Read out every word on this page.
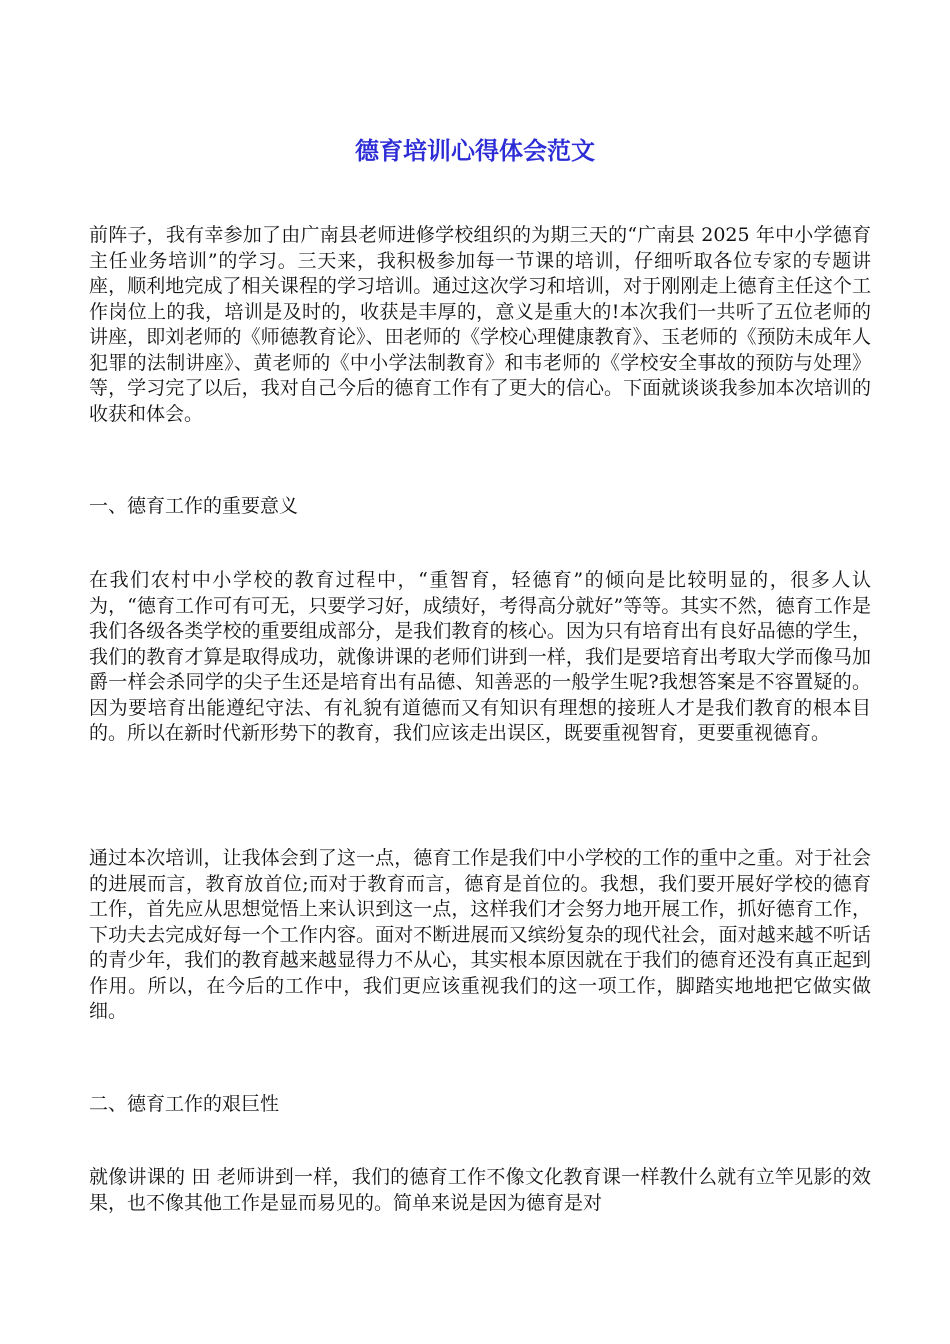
德育培训心得体会范文

前阵子，我有幸参加了由广南县老师进修学校组织的为期三天的“广南县 2025 年中小学德育主任业务培训”的学习。三天来，我积极参加每一节课的培训，仔细听取各位专家的专题讲座，顺利地完成了相关课程的学习培训。通过这次学习和培训，对于刚刚走上德育主任这个工作岗位上的我，培训是及时的，收获是丰厚的，意义是重大的!本次我们一共听了五位老师的讲座，即刘老师的《师德教育论》、田老师的《学校心理健康教育》、玉老师的《预防未成年人犯罪的法制讲座》、黄老师的《中小学法制教育》和韦老师的《学校安全事故的预防与处理》等，学习完了以后，我对自己今后的德育工作有了更大的信心。下面就谈谈我参加本次培训的收获和体会。

一、德育工作的重要意义

在我们农村中小学校的教育过程中，“重智育，轻德育”的倾向是比较明显的，很多人认为，“德育工作可有可无，只要学习好，成绩好，考得高分就好”等等。其实不然，德育工作是我们各级各类学校的重要组成部分，是我们教育的核心。因为只有培育出有良好品德的学生，我们的教育才算是取得成功，就像讲课的老师们讲到一样，我们是要培育出考取大学而像马加爵一样会杀同学的尖子生还是培育出有品德、知善恶的一般学生呢?我想答案是不容置疑的。因为要培育出能遵纪守法、有礼貌有道德而又有知识有理想的接班人才是我们教育的根本目的。所以在新时代新形势下的教育，我们应该走出误区，既要重视智育，更要重视德育。

通过本次培训，让我体会到了这一点，德育工作是我们中小学校的工作的重中之重。对于社会的进展而言，教育放首位;而对于教育而言，德育是首位的。我想，我们要开展好学校的德育工作，首先应从思想觉悟上来认识到这一点，这样我们才会努力地开展工作，抓好德育工作，下功夫去完成好每一个工作内容。面对不断进展而又缤纷复杂的现代社会，面对越来越不听话的青少年，我们的教育越来越显得力不从心，其实根本原因就在于我们的德育还没有真正起到作用。所以，在今后的工作中，我们更应该重视我们的这一项工作，脚踏实地地把它做实做细。

二、德育工作的艰巨性

就像讲课的 田 老师讲到一样，我们的德育工作不像文化教育课一样教什么就有立竿见影的效果，也不像其他工作是显而易见的。简单来说是因为德育是对
